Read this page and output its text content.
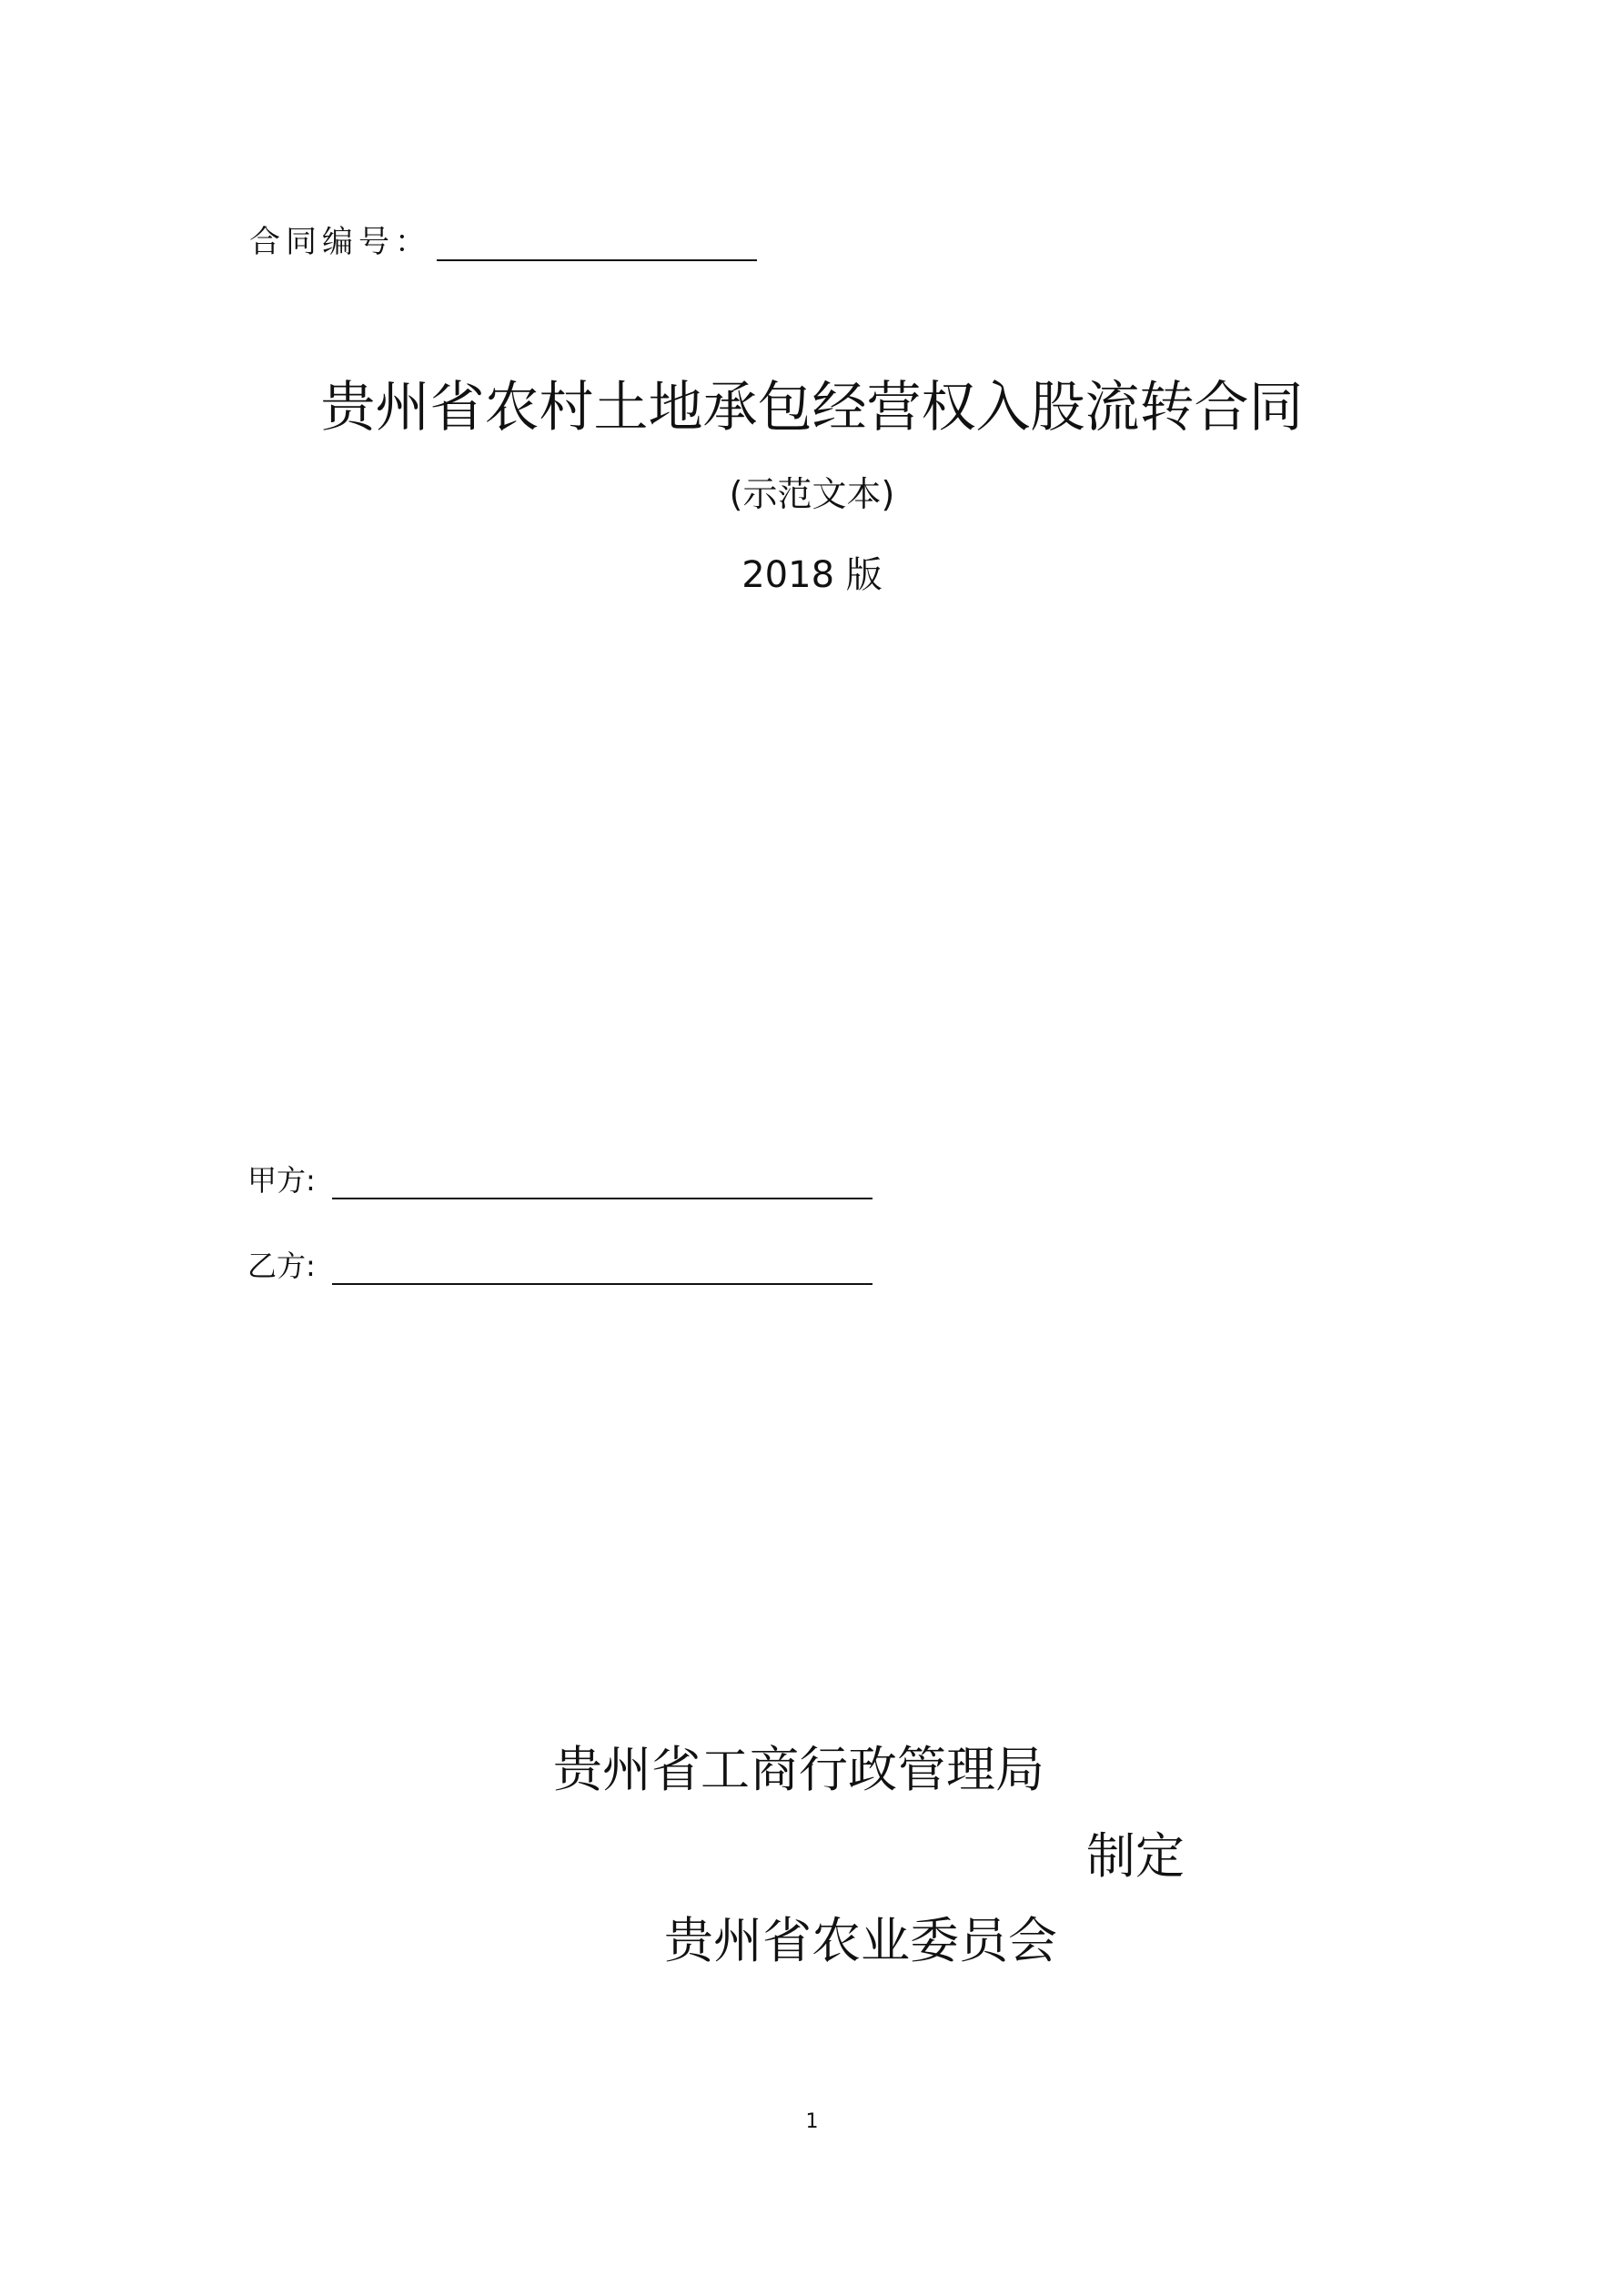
合同编号：
贵州省农村土地承包经营权入股流转合同
(示范文本)
2018 版
甲方:
乙方:
贵州省工商行政管理局
制定
贵州省农业委员会
1
